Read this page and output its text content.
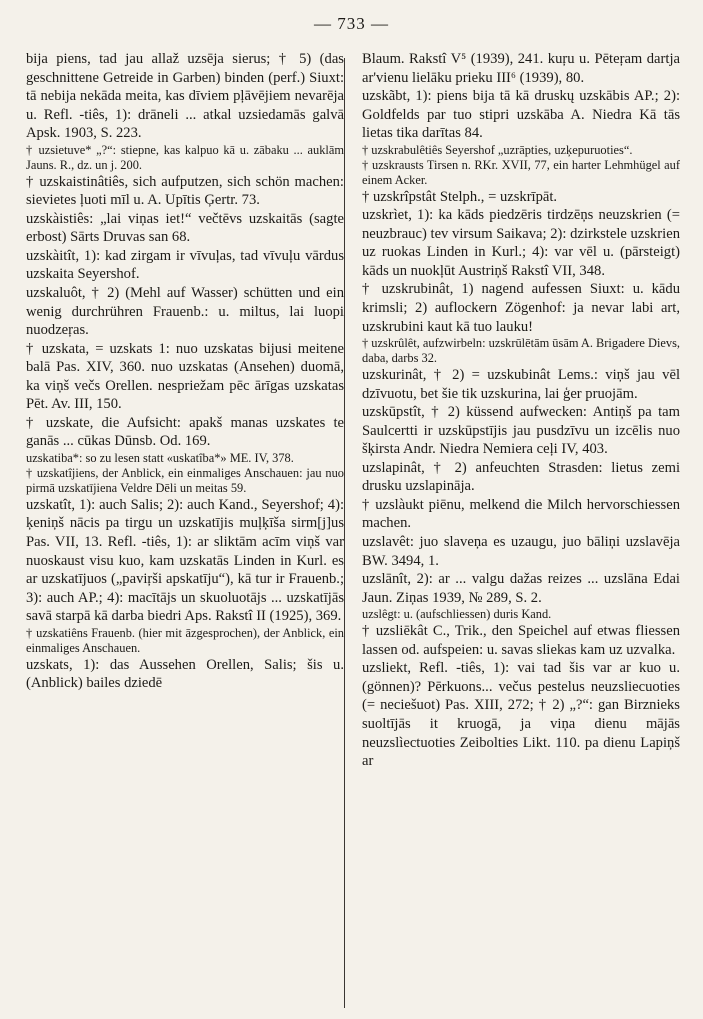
— 733 —

bija piens, tad jau allaž uzsēja sierus; † 5) (das geschnittene Getreide in Garben) binden (perf.) Siuxt: tā nebija nekāda meita, kas dīviem pļāvējiem nevarēja u. Refl. -tiês, 1): drāneli ... atkal uzsiedamās galvā Apsk. 1903, S. 223.

† uzsietuve* „?“: stiepne, kas kalpuo kā u. zābaku ... auklām Jauns. R., dz. un j. 200.

† uzskaistinâtiês, sich aufputzen, sich schön machen: sievietes ļuoti mīl u. A. Upītis Ģertr. 73.

uzskàistiês: „lai viņas iet!“ večtēvs uzskaitās (sagte erbost) Sārts Druvas san 68.

uzskàitît, 1): kad zirgam ir vīvuļas, tad vīvuļu vārdus uzskaita Seyershof.

uzskaluôt, † 2) (Mehl auf Wasser) schütten und ein wenig durchrühren Frauenb.: u. miltus, lai luopi nuodzeŗas.

† uzskata, = uzskats 1: nuo uzskatas bijusi meitene balā Pas. XIV, 360. nuo uzskatas (Ansehen) duomā, ka viņš večs Orellen. nespriežam pēc ārīgas uzskatas Pēt. Av. III, 150.

† uzskate, die Aufsicht: apakš manas uzskates te ganās ... cūkas Dūnsb. Od. 169.

uzskatiba*: so zu lesen statt «uskatîba*» ME. IV, 378.

† uzskatîjiens, der Anblick, ein einmaliges Anschauen: jau nuo pirmā uzskatījiena Veldre Dēli un meitas 59.

uzskatît, 1): auch Salis; 2): auch Kand., Seyershof; 4): ķeniņš nācis pa tirgu un uzskatījis muļķīša sirm[j]us Pas. VII, 13. Refl. -tiês, 1): ar sliktām acīm viņš var nuoskaust visu kuo, kam uzskatās Linden in Kurl. es ar uzskatījuos („paviŗši apskatīju“), kā tur ir Frauenb.; 3): auch AP.; 4): macītājs un skuoluotājs ... uzskatījās savā starpā kā darba biedri Aps. Rakstî II (1925), 369.

† uzskatiêns Frauenb. (hier mit āzgesprochen), der Anblick, ein einmaliges Anschauen.

uzskats, 1): das Aussehen Orellen, Salis; šis u. (Anblick) bailes dziedē

Blaum. Rakstî V⁵ (1939), 241. kuŗu u. Pēteŗam dartja ar'vienu lielāku prieku III⁶ (1939), 80.

uzskãbt, 1): piens bija tā kā druskų uzskābis AP.; 2): Goldfelds par tuo stipri uzskāba A. Niedra Kā tās lietas tika darītas 84.

† uzskrabulêtiês Seyershof „uzrāpties, uzķepuruoties“.

† uzskrausts Tirsen n. RKr. XVII, 77, ein harter Lehmhügel auf einem Acker.

† uzskrîpstât Stelph., = uzskrīpāt.

uzskrìet, 1): ka kāds piedzēris tirdzēņs neuzskrien (= neuzbrauc) tev virsum Saikava; 2): dzirkstele uzskrien uz ruokas Linden in Kurl.; 4): var vēl u. (pārsteigt) kāds un nuokļūt Austriņš Rakstî VII, 348.

† uzskrubinât, 1) nagend aufessen Siuxt: u. kādu krimsli; 2) auflockern Zögenhof: ja nevar labi art, uzskrubini kaut kā tuo lauku!

† uzskrûlêt, aufzwirbeln: uzskrūlētām ūsām A. Brigadere Dievs, daba, darbs 32.

uzskurinât, † 2) = uzskubinât Lems.: viņš jau vēl dzīvuotu, bet šie tik uzskurina, lai ģer pruojām.

uzskūpstît, † 2) küssend aufwecken: Antiņš pa tam Saulcertti ir uzskūpstījis jau pusdzīvu un izcēlis nuo šķirsta Andr. Niedra Nemiera ceļi IV, 403.

uzslapinât, † 2) anfeuchten Strasden: lietus zemi drusku uzslapināja.

† uzslàukt piēnu, melkend die Milch hervorschiessen machen.

uzslavêt: juo slaveņa es uzaugu, juo bāliņi uzslavēja BW. 3494, 1.

uzslānît, 2): ar ... valgu dažas reizes ... uzslāna Edai Jaun. Ziņas 1939, № 289, S. 2.

uzslêgt: u. (aufschliessen) duris Kand.

† uzsliēkât C., Trik., den Speichel auf etwas fliessen lassen od. aufspeien: u. savas sliekas kam uz uzvalka.

uzsliekt, Refl. -tiês, 1): vai tad šis var ar kuo u. (gönnen)? Pērkuons... večus pestelus neuzsliecuoties (= neciešuot) Pas. XIII, 272; † 2) „?“: gan Birznieks suoltījās it kruogā, ja viņa dienu mājās neuzslìectuoties Zeibolties Likt. 110. pa dienu Lapiņš ar
